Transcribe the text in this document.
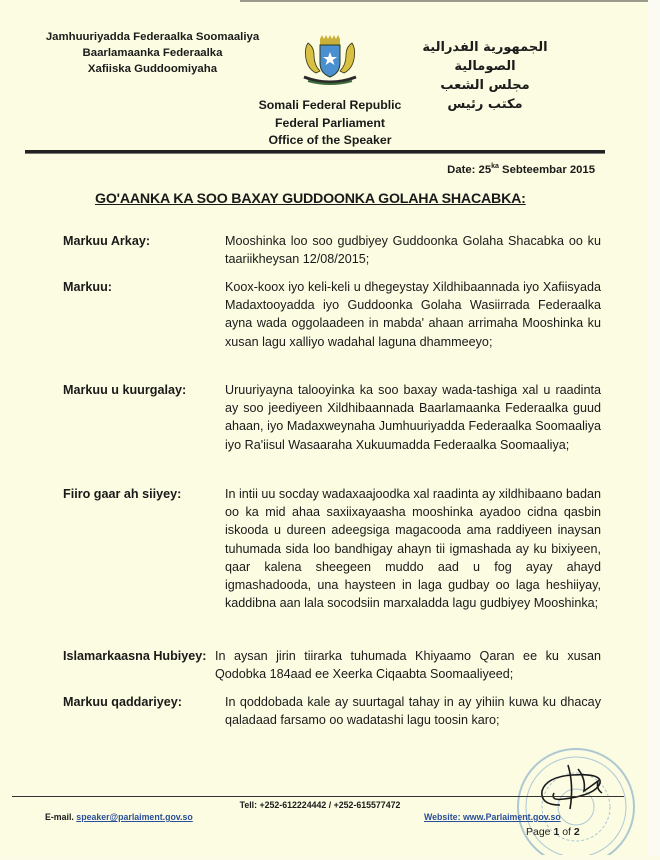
Jamhuuriyadda Federaalka Soomaaliya
Baarlamaanka Federaalka
Xafiiska Guddoomiyaha
الجمهورية الفدرالية الصومالية
مجلس الشعب
مكتب رئيس
Somali Federal Republic
Federal Parliament
Office of the Speaker
Date: $25^{ka}$ Sebteembar 2015
GO'AANKA KA SOO BAXAY GUDDOONKA GOLAHA SHACABKA:
Markuu Arkay:	Mooshinka loo soo gudbiyey Guddoonka Golaha Shacabka oo ku taariikheysan 12/08/2015;
Markuu:	Koox-koox iyo keli-keli u dhegeystay Xildhibaannada iyo Xafiisyada Madaxtooyadda iyo Guddoonka Golaha Wasiirrada Federaalka ayna wada oggolaadeen in mabda' ahaan arrimaha Mooshinka ku xusan lagu xalliyo wadahal laguna dhammeeyo;
Markuu u kuurgalay:	Uruuriyayna talooyinka ka soo baxay wada-tashiga xal u raadinta ay soo jeediyeen Xildhibaannada Baarlamaanka Federaalka guud ahaan, iyo Madaxweynaha Jumhuuriyadda Federaalka Soomaaliya iyo Ra'iisul Wasaaraha Xukuumadda Federaalka Soomaaliya;
Fiiro gaar ah siiyey:	In intii uu socday wadaxaajoodka xal raadinta ay xildhibaano badan oo ka mid ahaa saxiixayaasha mooshinka ayadoo cidna qasbin iskooda u dureen adeegsiga magacooda ama raddiyeen inaysan tuhumada sida loo bandhigay ahayn tii igmashada ay ku bixiyeen, qaar kalena sheegeen muddo aad u fog ayay ahayd igmashadooda, una haysteen in laga gudbay oo laga heshiiyay, kaddibna aan lala socodsiin marxaladda lagu gudbiyey Mooshinka;
Islamarkaasna Hubiyey: In aysan jirin tiirarka tuhumada Khiyaamo Qaran ee ku xusan Qodobka 184aad ee Xeerka Ciqaabta Soomaaliyeed;
Markuu qaddariyey:	In qoddobada kale ay suurtagal tahay in ay yihiin kuwa ku dhacay qaladaad farsamo oo wadatashi lagu toosin karo;
Tell: +252-612224442 / +252-615577472
E-mail. speaker@parlaiment.gov.so	Website: www.Parlaiment.gov.so
Page 1 of 2
